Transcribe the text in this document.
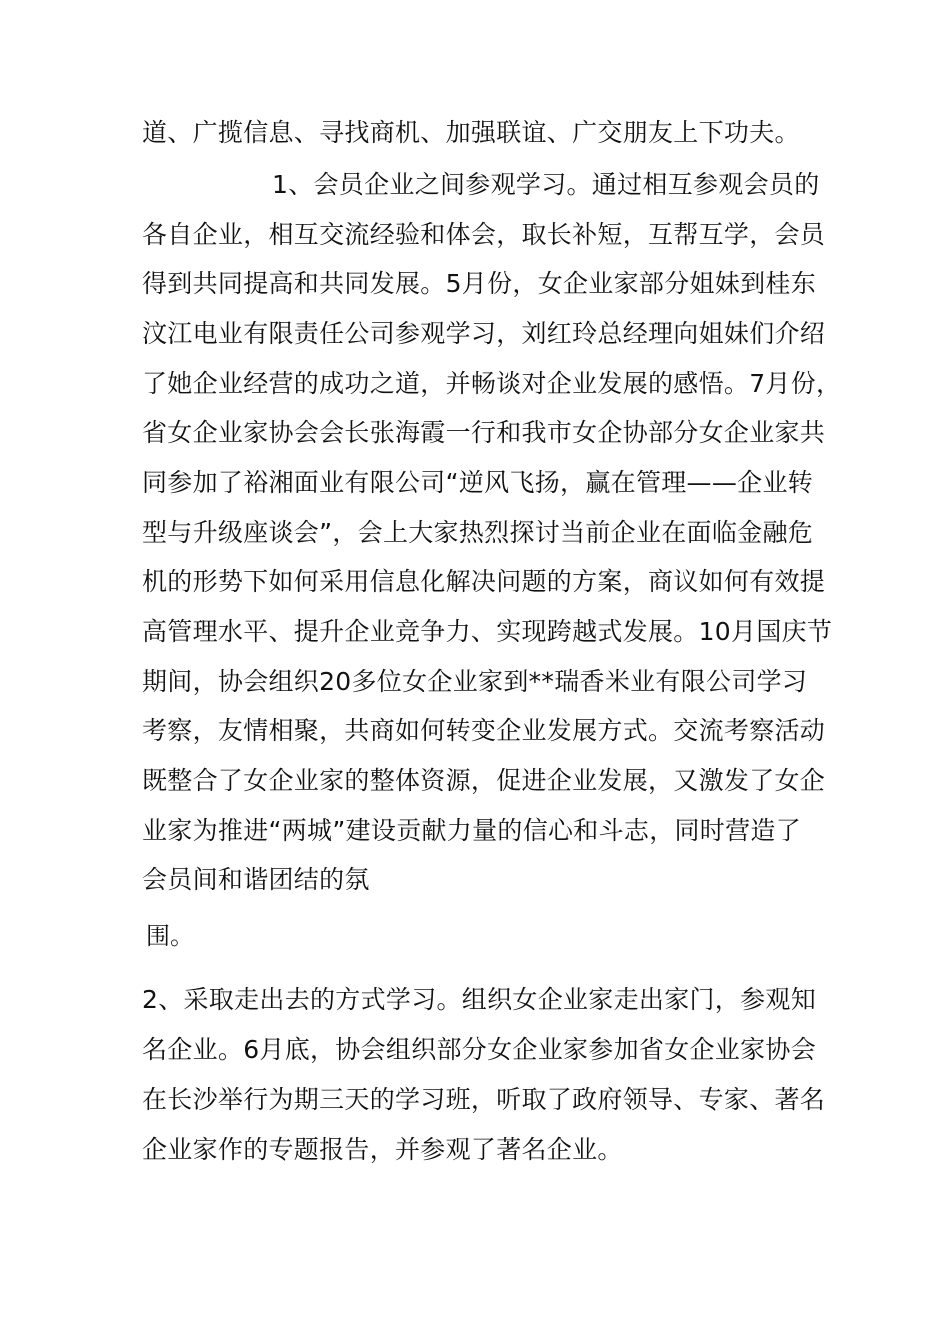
道、广揽信息、寻找商机、加强联谊、广交朋友上下功夫。
1、会员企业之间参观学习。通过相互参观会员的
各自企业，相互交流经验和体会，取长补短，互帮互学，会员
得到共同提高和共同发展。5月份，女企业家部分姐妹到桂东
汶江电业有限责任公司参观学习，刘红玲总经理向姐妹们介绍
了她企业经营的成功之道，并畅谈对企业发展的感悟。7月份，
省女企业家协会会长张海霞一行和我市女企协部分女企业家共
同参加了裕湘面业有限公司“逆风飞扬，赢在管理——企业转
型与升级座谈会”，会上大家热烈探讨当前企业在面临金融危
机的形势下如何采用信息化解决问题的方案，商议如何有效提
高管理水平、提升企业竞争力、实现跨越式发展。10月国庆节
期间，协会组织20多位女企业家到**瑞香米业有限公司学习
考察，友情相聚，共商如何转变企业发展方式。交流考察活动
既整合了女企业家的整体资源，促进企业发展，又激发了女企
业家为推进“两城”建设贡献力量的信心和斗志，同时营造了
会员间和谐团结的氛
围。
2、采取走出去的方式学习。组织女企业家走出家门，参观知
名企业。6月底，协会组织部分女企业家参加省女企业家协会
在长沙举行为期三天的学习班，听取了政府领导、专家、著名
企业家作的专题报告，并参观了著名企业。
